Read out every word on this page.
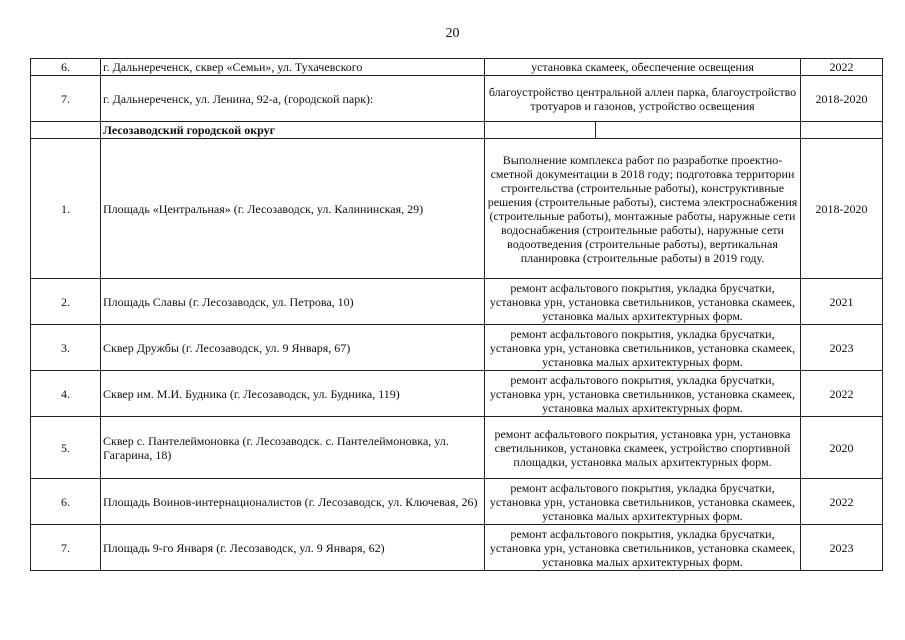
20
6.	г. Дальнереченск, сквер «Семьи», ул. Тухачевского	установка скамеек, обеспечение освещения	2022
7.	г. Дальнереченск, ул. Ленина, 92-а, (городской парк):	благоустройство центральной аллеи парка, благоустройство тротуаров и газонов, устройство освещения	2018-2020
	Лесозаводский городской округ	

1.	Площадь «Центральная» (г. Лесозаводск, ул. Калининская, 29)	Выполнение комплекса работ по разработке проектно-сметной документации в 2018 году; подготовка территории строительства (строительные работы), конструктивные решения (строительные работы), система электроснабжения (строительные работы), монтажные работы, наружные сети водоснабжения (строительные работы), наружные сети водоотведения (строительные работы), вертикальная планировка (строительные работы) в 2019 году.	2018-2020
2.	Площадь Славы (г. Лесозаводск, ул. Петрова, 10)	ремонт асфальтового покрытия, укладка брусчатки, установка урн, установка светильников, установка скамеек, установка малых архитектурных форм.	2021
3.	Сквер Дружбы (г. Лесозаводск, ул. 9 Января, 67)	ремонт асфальтового покрытия, укладка брусчатки, установка урн, установка светильников, установка скамеек, установка малых архитектурных форм.	2023
4.	Сквер им. М.И. Будника (г. Лесозаводск, ул. Будника, 119)	ремонт асфальтового покрытия, укладка брусчатки, установка урн, установка светильников, установка скамеек, установка малых архитектурных форм.	2022
5.	Сквер с. Пантелеймоновка (г. Лесозаводск. с. Пантелеймоновка, ул. Гагарина, 18)	ремонт асфальтового покрытия, установка урн, установка светильников, установка скамеек, устройство спортивной площадки, установка малых архитектурных форм.	2020
6.	Площадь Воинов-интернационалистов (г. Лесозаводск, ул. Ключевая, 26)	ремонт асфальтового покрытия, укладка брусчатки, установка урн, установка светильников, установка скамеек, установка малых архитектурных форм.	2022
7.	Площадь 9-го Января (г. Лесозаводск, ул. 9 Января, 62)	ремонт асфальтового покрытия, укладка брусчатки, установка урн, установка светильников, установка скамеек, установка малых архитектурных форм.	2023
